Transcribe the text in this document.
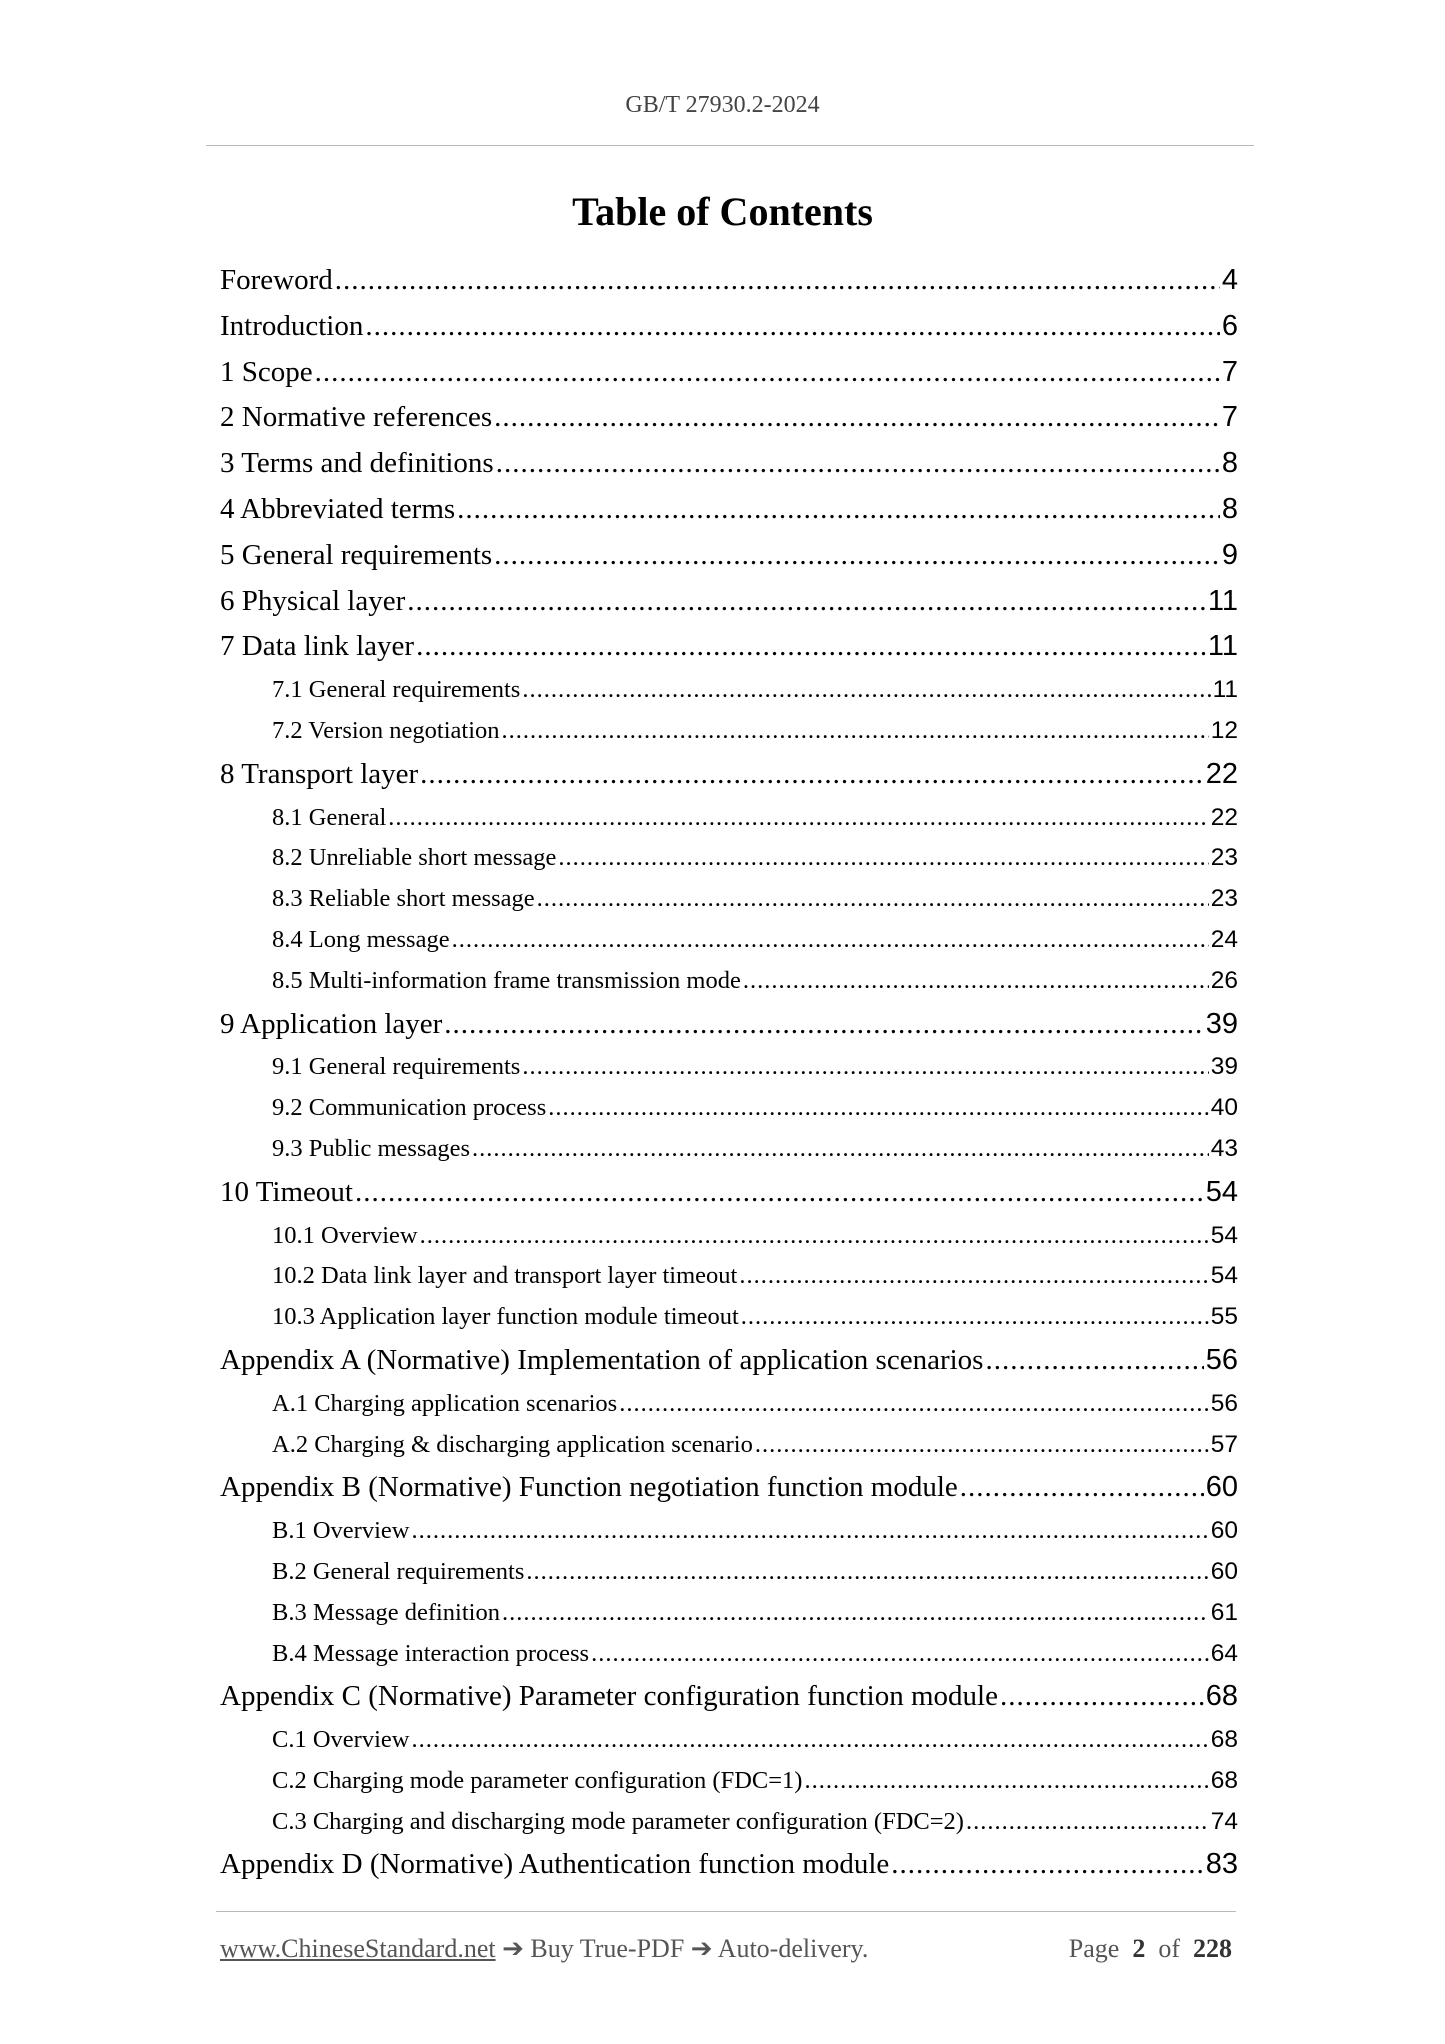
GB/T 27930.2-2024
Table of Contents
Foreword .....	4
Introduction .....	6
1 Scope .....	7
2 Normative references .....	7
3 Terms and definitions .....	8
4 Abbreviated terms .....	8
5 General requirements .....	9
6 Physical layer .....	11
7 Data link layer .....	11
7.1 General requirements .....	11
7.2 Version negotiation .....	12
8 Transport layer .....	22
8.1 General .....	22
8.2 Unreliable short message .....	23
8.3 Reliable short message .....	23
8.4 Long message .....	24
8.5 Multi-information frame transmission mode .....	26
9 Application layer .....	39
9.1 General requirements .....	39
9.2 Communication process .....	40
9.3 Public messages .....	43
10 Timeout .....	54
10.1 Overview .....	54
10.2 Data link layer and transport layer timeout .....	54
10.3 Application layer function module timeout .....	55
Appendix A (Normative) Implementation of application scenarios .....	56
A.1 Charging application scenarios .....	56
A.2 Charging & discharging application scenario .....	57
Appendix B (Normative) Function negotiation function module .....	60
B.1 Overview .....	60
B.2 General requirements .....	60
B.3 Message definition .....	61
B.4 Message interaction process .....	64
Appendix C (Normative) Parameter configuration function module .....	68
C.1 Overview .....	68
C.2 Charging mode parameter configuration (FDC=1) .....	68
C.3 Charging and discharging mode parameter configuration (FDC=2) .....	74
Appendix D (Normative) Authentication function module .....	83
www.ChineseStandard.net ➔ Buy True-PDF ➔ Auto-delivery.	Page 2 of 228
